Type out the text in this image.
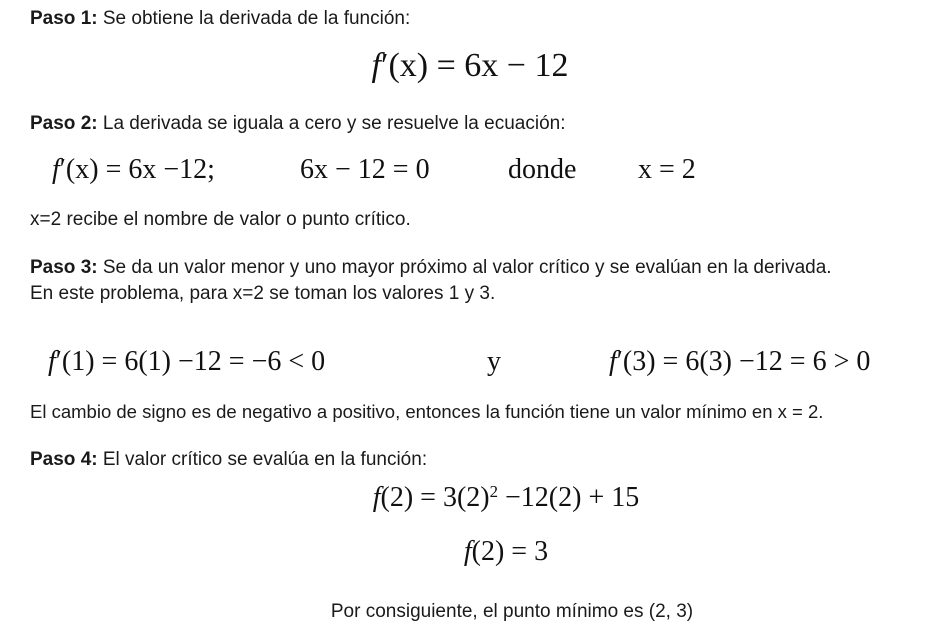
Paso 1: Se obtiene la derivada de la función:
f′(x) = 6x − 12
Paso 2: La derivada se iguala a cero y se resuelve la ecuación:
f′(x) = 6x −12;	6x − 12 = 0	donde x = 2
x=2 recibe el nombre de valor o punto crítico.
Paso 3: Se da un valor menor y uno mayor próximo al valor crítico y se evalúan en la derivada.
En este problema, para x=2 se toman los valores 1 y 3.
f′(1) = 6(1) −12 = −6 < 0	y	f′(3) = 6(3) −12 = 6 > 0
El cambio de signo es de negativo a positivo, entonces la función tiene un valor mínimo en x = 2.
Paso 4: El valor crítico se evalúa en la función:
$f(2) = 3(2)^2 -12(2) + 15$
f(2) = 3
Por consiguiente, el punto mínimo es (2, 3)
